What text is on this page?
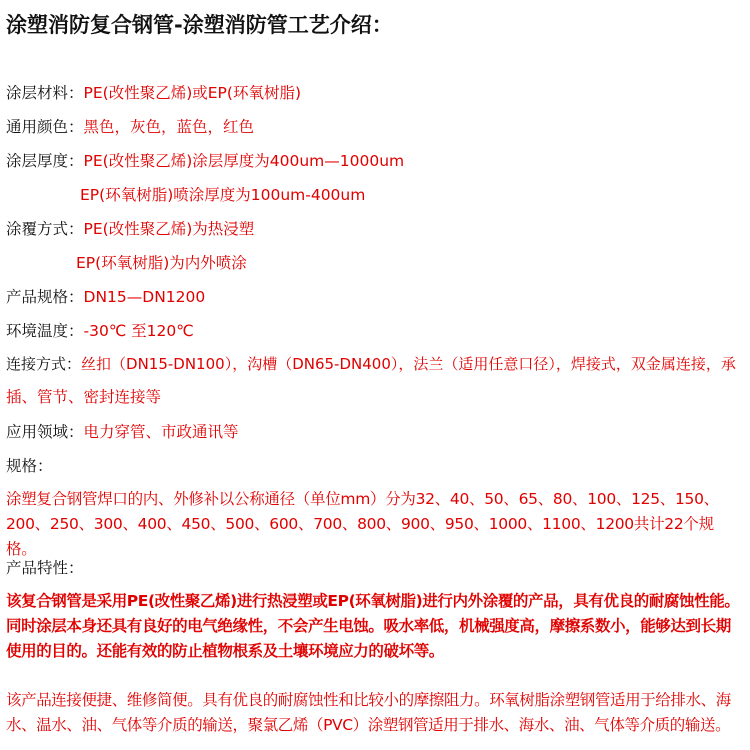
涂塑消防复合钢管-涂塑消防管工艺介绍：
涂层材料：PE(改性聚乙烯)或EP(环氧树脂)
通用颜色：黑色，灰色，蓝色，红色
涂层厚度：PE(改性聚乙烯)涂层厚度为400um—1000um
EP(环氧树脂)喷涂厚度为100um-400um
涂覆方式：PE(改性聚乙烯)为热浸塑
EP(环氧树脂)为内外喷涂
产品规格：DN15—DN1200
环境温度：-30℃ 至120℃
连接方式：丝扣（DN15-DN100），沟槽（DN65-DN400），法兰（适用任意口径），焊接式，双金属连接，承
插、管节、密封连接等
应用领域：电力穿管、市政通讯等
规格：
涂塑复合钢管焊口的内、外修补以公称通径（单位mm）分为32、40、50、65、80、100、125、150、200、250、300、400、450、500、600、700、800、900、950、1000、1100、1200共计22个规格。
产品特性：
该复合钢管是采用PE(改性聚乙烯)进行热浸塑或EP(环氧树脂)进行内外涂覆的产品，具有优良的耐腐蚀性能。同时涂层本身还具有良好的电气绝缘性，不会产生电蚀。吸水率低，机械强度高，摩擦系数小，能够达到长期使用的目的。还能有效的防止植物根系及土壤环境应力的破坏等。
该产品连接便捷、维修简便。具有优良的耐腐蚀性和比较小的摩擦阻力。环氧树脂涂塑钢管适用于给排水、海水、温水、油、气体等介质的输送，聚氯乙烯（PVC）涂塑钢管适用于排水、海水、油、气体等介质的输送。
